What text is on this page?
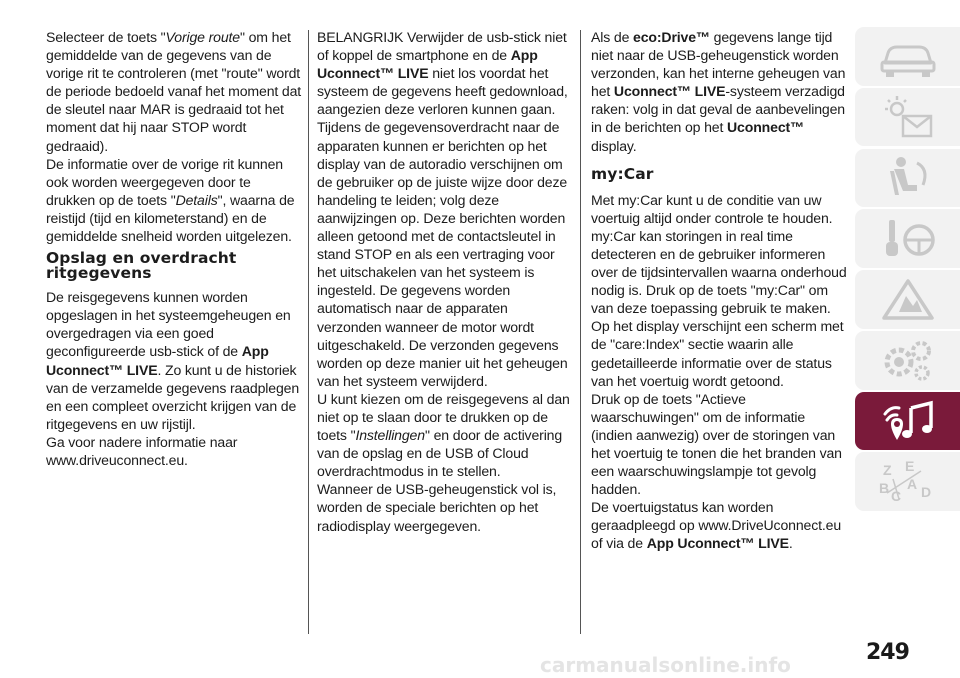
Selecteer de toets "Vorige route" om het gemiddelde van de gegevens van de vorige rit te controleren (met "route" wordt de periode bedoeld vanaf het moment dat de sleutel naar MAR is gedraaid tot het moment dat hij naar STOP wordt gedraaid).

De informatie over de vorige rit kunnen ook worden weergegeven door te drukken op de toets "Details", waarna de reistijd (tijd en kilometerstand) en de gemiddelde snelheid worden uitgelezen.

Opslag en overdracht ritgegevens

De reisgegevens kunnen worden opgeslagen in het systeemgeheugen en overgedragen via een goed geconfigureerde usb-stick of de App Uconnect™ LIVE. Zo kunt u de historiek van de verzamelde gegevens raadplegen en een compleet overzicht krijgen van de ritgegevens en uw rijstijl.

Ga voor nadere informatie naar www.driveuconnect.eu.

BELANGRIJK Verwijder de usb-stick niet of koppel de smartphone en de App Uconnect™ LIVE niet los voordat het systeem de gegevens heeft gedownload, aangezien deze verloren kunnen gaan. Tijdens de gegevensoverdracht naar de apparaten kunnen er berichten op het display van de autoradio verschijnen om de gebruiker op de juiste wijze door deze handeling te leiden; volg deze aanwijzingen op. Deze berichten worden alleen getoond met de contactsleutel in stand STOP en als een vertraging voor het uitschakelen van het systeem is ingesteld. De gegevens worden automatisch naar de apparaten verzonden wanneer de motor wordt uitgeschakeld. De verzonden gegevens worden op deze manier uit het geheugen van het systeem verwijderd.

U kunt kiezen om de reisgegevens al dan niet op te slaan door te drukken op de toets "Instellingen" en door de activering van de opslag en de USB of Cloud overdrachtmodus in te stellen.

Wanneer de USB-geheugenstick vol is, worden de speciale berichten op het radiodisplay weergegeven.

Als de eco:Drive™ gegevens lange tijd niet naar de USB-geheugenstick worden verzonden, kan het interne geheugen van het Uconnect™ LIVE-systeem verzadigd raken: volg in dat geval de aanbevelingen in de berichten op het Uconnect™ display.

my:Car

Met my:Car kunt u de conditie van uw voertuig altijd onder controle te houden. my:Car kan storingen in real time detecteren en de gebruiker informeren over de tijdsintervallen waarna onderhoud nodig is. Druk op de toets "my:Car" om van deze toepassing gebruik te maken.

Op het display verschijnt een scherm met de "care:Index" sectie waarin alle gedetailleerde informatie over de status van het voertuig wordt getoond.

Druk op de toets "Actieve waarschuwingen" om de informatie (indien aanwezig) over de storingen van het voertuig te tonen die het branden van een waarschuwingslampje tot gevolg hadden.

De voertuigstatus kan worden geraadpleegd op www.DriveUconnect.eu of via de App Uconnect™ LIVE.

Z E
B A
C D
249
carmanualsonline.info
